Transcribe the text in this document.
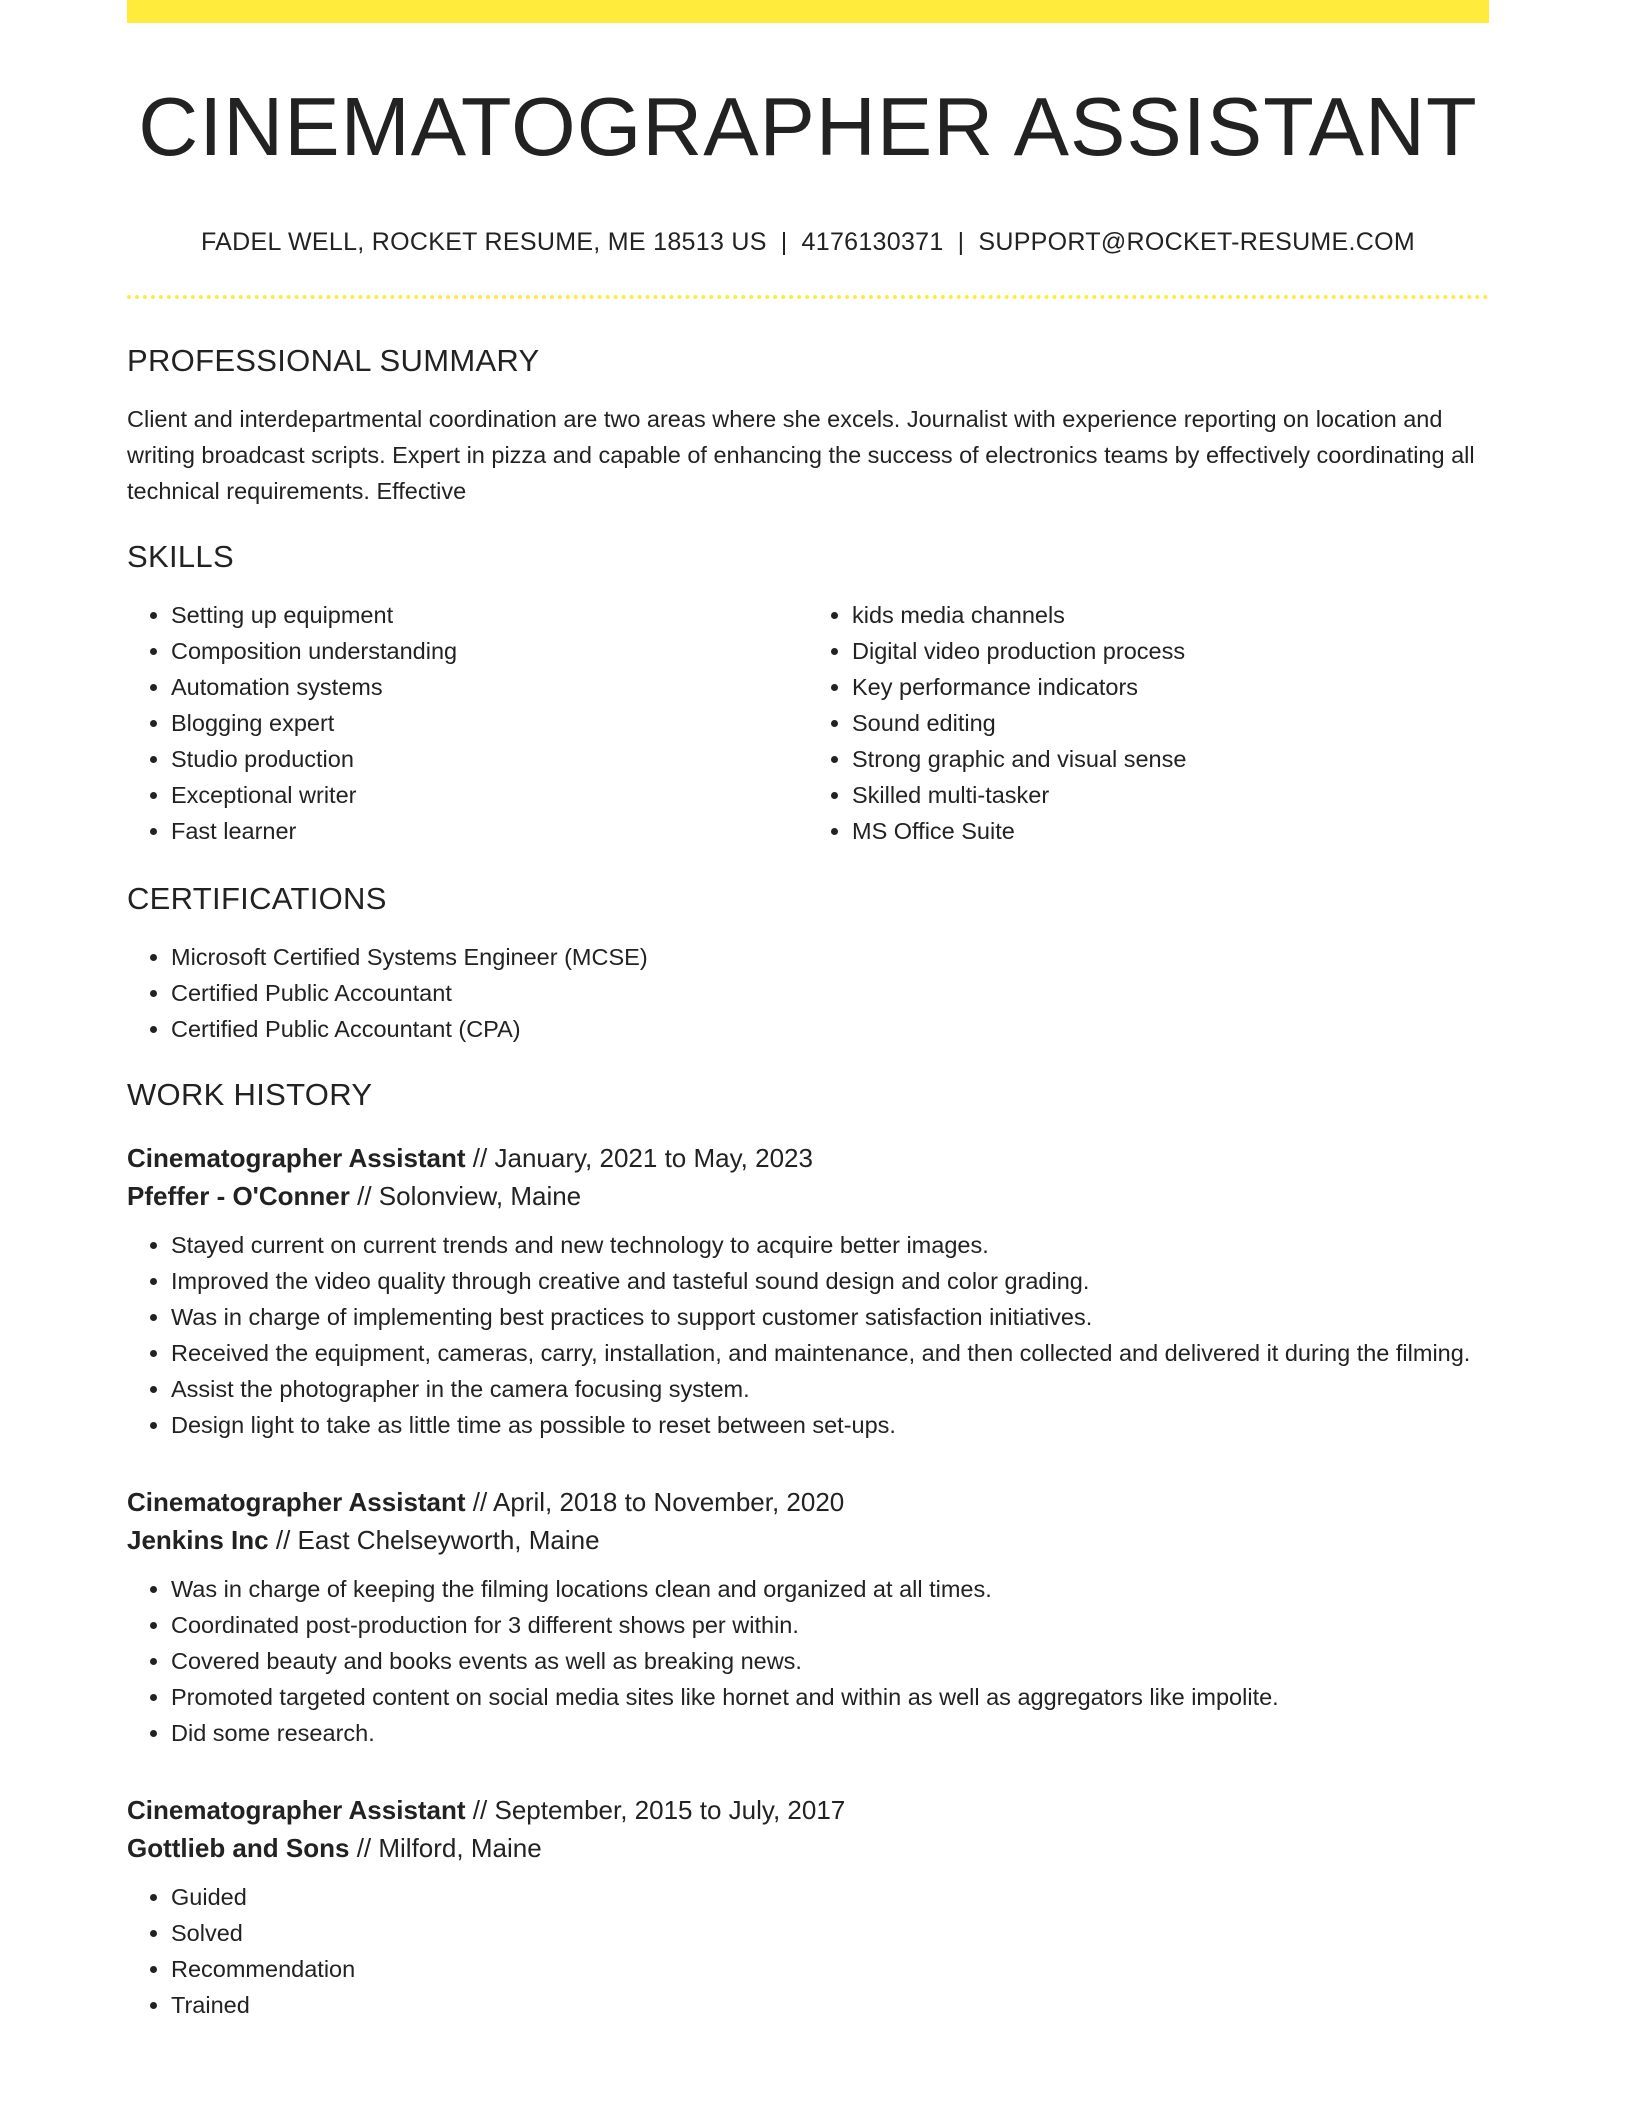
CINEMATOGRAPHER ASSISTANT
FADEL WELL, ROCKET RESUME, ME 18513 US | 4176130371 | SUPPORT@ROCKET-RESUME.COM
PROFESSIONAL SUMMARY

Client and interdepartmental coordination are two areas where she excels. Journalist with experience reporting on location and writing broadcast scripts. Expert in pizza and capable of enhancing the success of electronics teams by effectively coordinating all technical requirements. Effective

SKILLS
• Setting up equipment
• Composition understanding
• Automation systems
• Blogging expert
• Studio production
• Exceptional writer
• Fast learner
• kids media channels
• Digital video production process
• Key performance indicators
• Sound editing
• Strong graphic and visual sense
• Skilled multi-tasker
• MS Office Suite
CERTIFICATIONS
• Microsoft Certified Systems Engineer (MCSE)
• Certified Public Accountant
• Certified Public Accountant (CPA)
WORK HISTORY
Cinematographer Assistant // January, 2021 to May, 2023
Pfeffer - O'Conner // Solonview, Maine
• Stayed current on current trends and new technology to acquire better images.
• Improved the video quality through creative and tasteful sound design and color grading.
• Was in charge of implementing best practices to support customer satisfaction initiatives.
• Received the equipment, cameras, carry, installation, and maintenance, and then collected and delivered it during the filming.
• Assist the photographer in the camera focusing system.
• Design light to take as little time as possible to reset between set-ups.
Cinematographer Assistant // April, 2018 to November, 2020
Jenkins Inc // East Chelseyworth, Maine
• Was in charge of keeping the filming locations clean and organized at all times.
• Coordinated post-production for 3 different shows per within.
• Covered beauty and books events as well as breaking news.
• Promoted targeted content on social media sites like hornet and within as well as aggregators like impolite.
• Did some research.
Cinematographer Assistant // September, 2015 to July, 2017
Gottlieb and Sons // Milford, Maine
• Guided
• Solved
• Recommendation
• Trained
